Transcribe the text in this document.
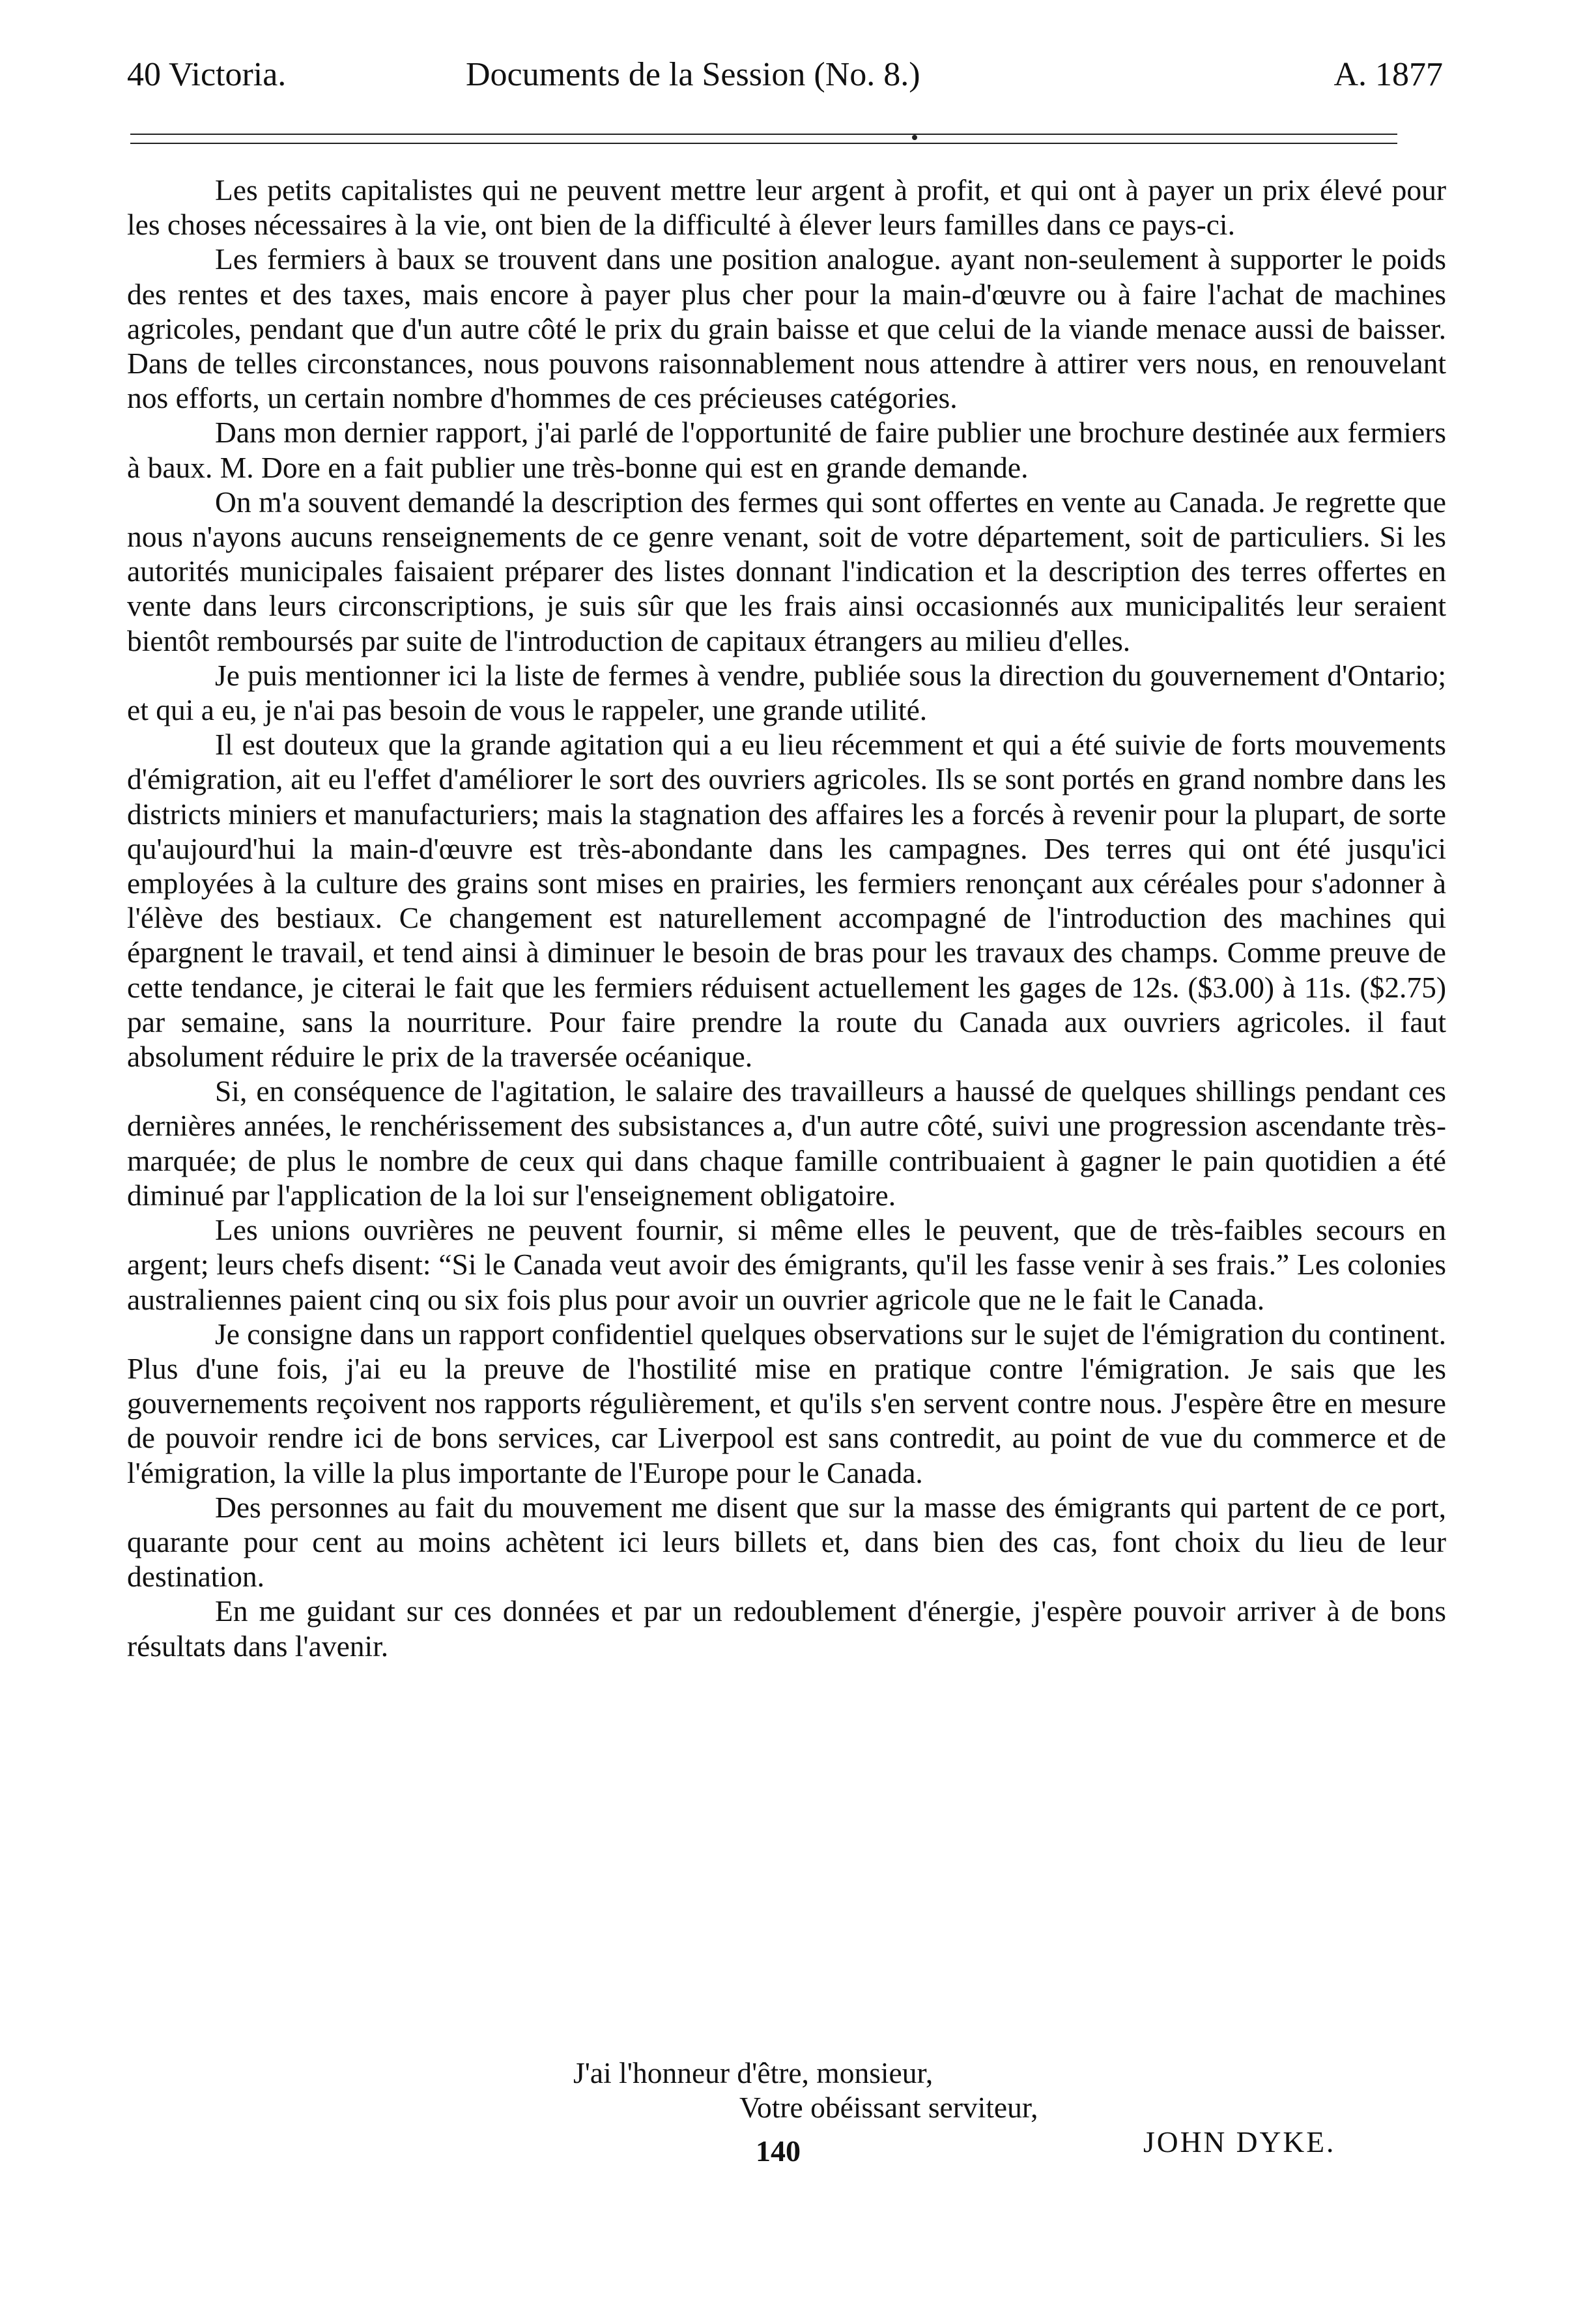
40 Victoria.	Documents de la Session (No. 8.)	A. 1877

Les petits capitalistes qui ne peuvent mettre leur argent à profit, et qui ont à payer un prix élevé pour les choses nécessaires à la vie, ont bien de la difficulté à élever leurs familles dans ce pays-ci.

Les fermiers à baux se trouvent dans une position analogue. ayant non-seulement à supporter le poids des rentes et des taxes, mais encore à payer plus cher pour la main-d'œuvre ou à faire l'achat de machines agricoles, pendant que d'un autre côté le prix du grain baisse et que celui de la viande menace aussi de baisser. Dans de telles circonstances, nous pouvons raisonnablement nous attendre à attirer vers nous, en renouvelant nos efforts, un certain nombre d'hommes de ces précieuses catégories.

Dans mon dernier rapport, j'ai parlé de l'opportunité de faire publier une brochure destinée aux fermiers à baux. M. Dore en a fait publier une très-bonne qui est en grande demande.

On m'a souvent demandé la description des fermes qui sont offertes en vente au Canada. Je regrette que nous n'ayons aucuns renseignements de ce genre venant, soit de votre département, soit de particuliers. Si les autorités municipales faisaient préparer des listes donnant l'indication et la description des terres offertes en vente dans leurs circonscriptions, je suis sûr que les frais ainsi occasionnés aux municipalités leur seraient bientôt remboursés par suite de l'introduction de capitaux étrangers au milieu d'elles.

Je puis mentionner ici la liste de fermes à vendre, publiée sous la direction du gouvernement d'Ontario; et qui a eu, je n'ai pas besoin de vous le rappeler, une grande utilité.

Il est douteux que la grande agitation qui a eu lieu récemment et qui a été suivie de forts mouvements d'émigration, ait eu l'effet d'améliorer le sort des ouvriers agricoles. Ils se sont portés en grand nombre dans les districts miniers et manufacturiers; mais la stagnation des affaires les a forcés à revenir pour la plupart, de sorte qu'aujourd'hui la main-d'œuvre est très-abondante dans les campagnes. Des terres qui ont été jusqu'ici employées à la culture des grains sont mises en prairies, les fermiers renonçant aux céréales pour s'adonner à l'élève des bestiaux. Ce changement est naturellement accompagné de l'introduction des machines qui épargnent le travail, et tend ainsi à diminuer le besoin de bras pour les travaux des champs. Comme preuve de cette tendance, je citerai le fait que les fermiers réduisent actuellement les gages de 12s. ($3.00) à 11s. ($2.75) par semaine, sans la nourriture. Pour faire prendre la route du Canada aux ouvriers agricoles. il faut absolument réduire le prix de la traversée océanique.

Si, en conséquence de l'agitation, le salaire des travailleurs a haussé de quelques shillings pendant ces dernières années, le renchérissement des subsistances a, d'un autre côté, suivi une progression ascendante très-marquée; de plus le nombre de ceux qui dans chaque famille contribuaient à gagner le pain quotidien a été diminué par l'application de la loi sur l'enseignement obligatoire.

Les unions ouvrières ne peuvent fournir, si même elles le peuvent, que de très-faibles secours en argent; leurs chefs disent: “Si le Canada veut avoir des émigrants, qu'il les fasse venir à ses frais.” Les colonies australiennes paient cinq ou six fois plus pour avoir un ouvrier agricole que ne le fait le Canada.

Je consigne dans un rapport confidentiel quelques observations sur le sujet de l'émigration du continent. Plus d'une fois, j'ai eu la preuve de l'hostilité mise en pratique contre l'émigration. Je sais que les gouvernements reçoivent nos rapports régulièrement, et qu'ils s'en servent contre nous. J'espère être en mesure de pouvoir rendre ici de bons services, car Liverpool est sans contredit, au point de vue du commerce et de l'émigration, la ville la plus importante de l'Europe pour le Canada.

Des personnes au fait du mouvement me disent que sur la masse des émigrants qui partent de ce port, quarante pour cent au moins achètent ici leurs billets et, dans bien des cas, font choix du lieu de leur destination.

En me guidant sur ces données et par un redoublement d'énergie, j'espère pouvoir arriver à de bons résultats dans l'avenir.

J'ai l'honneur d'être, monsieur,
Votre obéissant serviteur,
JOHN DYKE.
140
